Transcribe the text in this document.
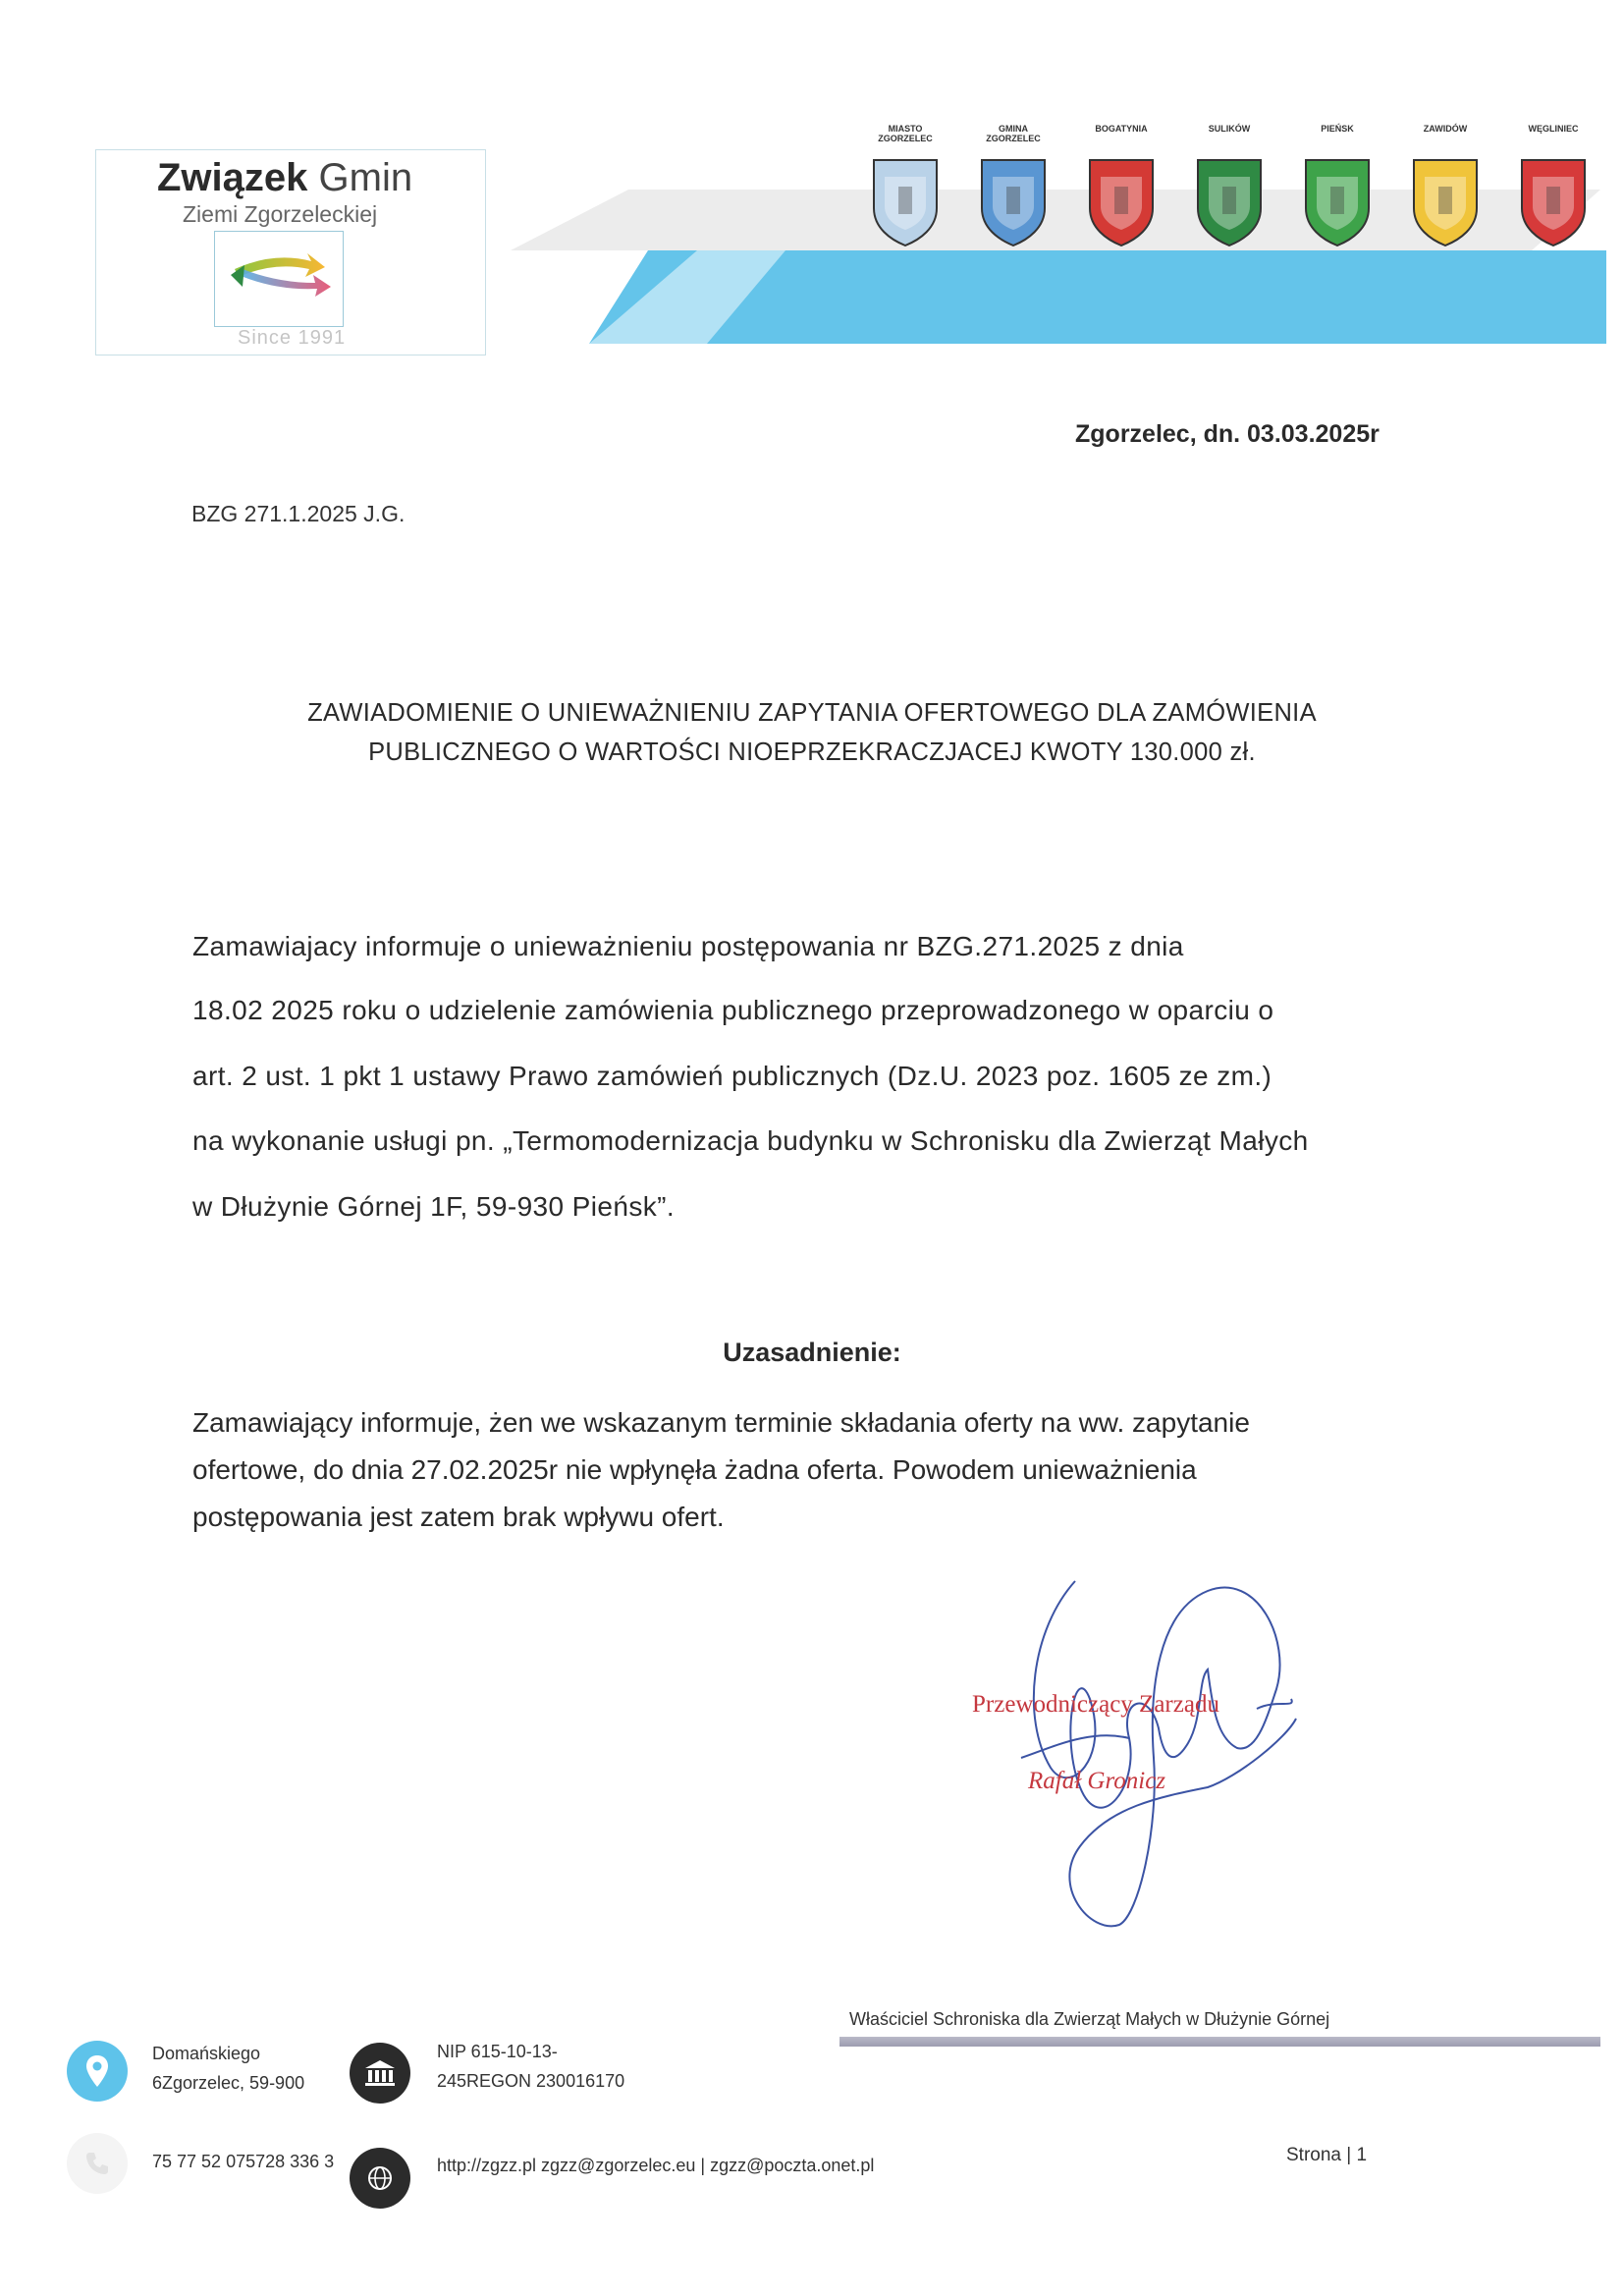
Związek Gmin
Ziemi Zgorzeleckiej
Since 1991
MIASTO
ZGORZELEC
GMINA
ZGORZELEC
BOGATYNIA	SULIKÓW	PIEŃSK	ZAWIDÓW	WĘGLINIEC
Zgorzelec, dn. 03.03.2025r
BZG 271.1.2025 J.G.
ZAWIADOMIENIE O UNIEWAŻNIENIU ZAPYTANIA OFERTOWEGO DLA ZAMÓWIENIA
PUBLICZNEGO O WARTOŚCI NIOEPRZEKRACZJACEJ KWOTY 130.000 zł.
Zamawiajacy informuje o unieważnieniu postępowania nr BZG.271.2025 z dnia
18.02 2025 roku o udzielenie zamówienia publicznego przeprowadzonego w oparciu o
art. 2 ust. 1 pkt 1 ustawy Prawo zamówień publicznych (Dz.U. 2023 poz. 1605 ze zm.)
na wykonanie usługi pn. „Termomodernizacja budynku w Schronisku dla Zwierząt Małych
w Dłużynie Górnej 1F, 59-930 Pieńsk”.
Uzasadnienie:
Zamawiający informuje, żen we wskazanym terminie składania oferty na ww. zapytanie
ofertowe, do dnia 27.02.2025r nie wpłynęła żadna oferta. Powodem unieważnienia
postępowania jest zatem brak wpływu ofert.
Przewodniczący Zarządu
Rafał Gronicz
Właściciel Schroniska dla Zwierząt Małych w Dłużynie Górnej
Domańskiego
6Zgorzelec, 59-900
NIP 615-10-13-
245REGON 230016170
75 77 52 075728 336 3	http://zgzz.pl zgzz@zgorzelec.eu | zgzz@poczta.onet.pl	Strona | 1
